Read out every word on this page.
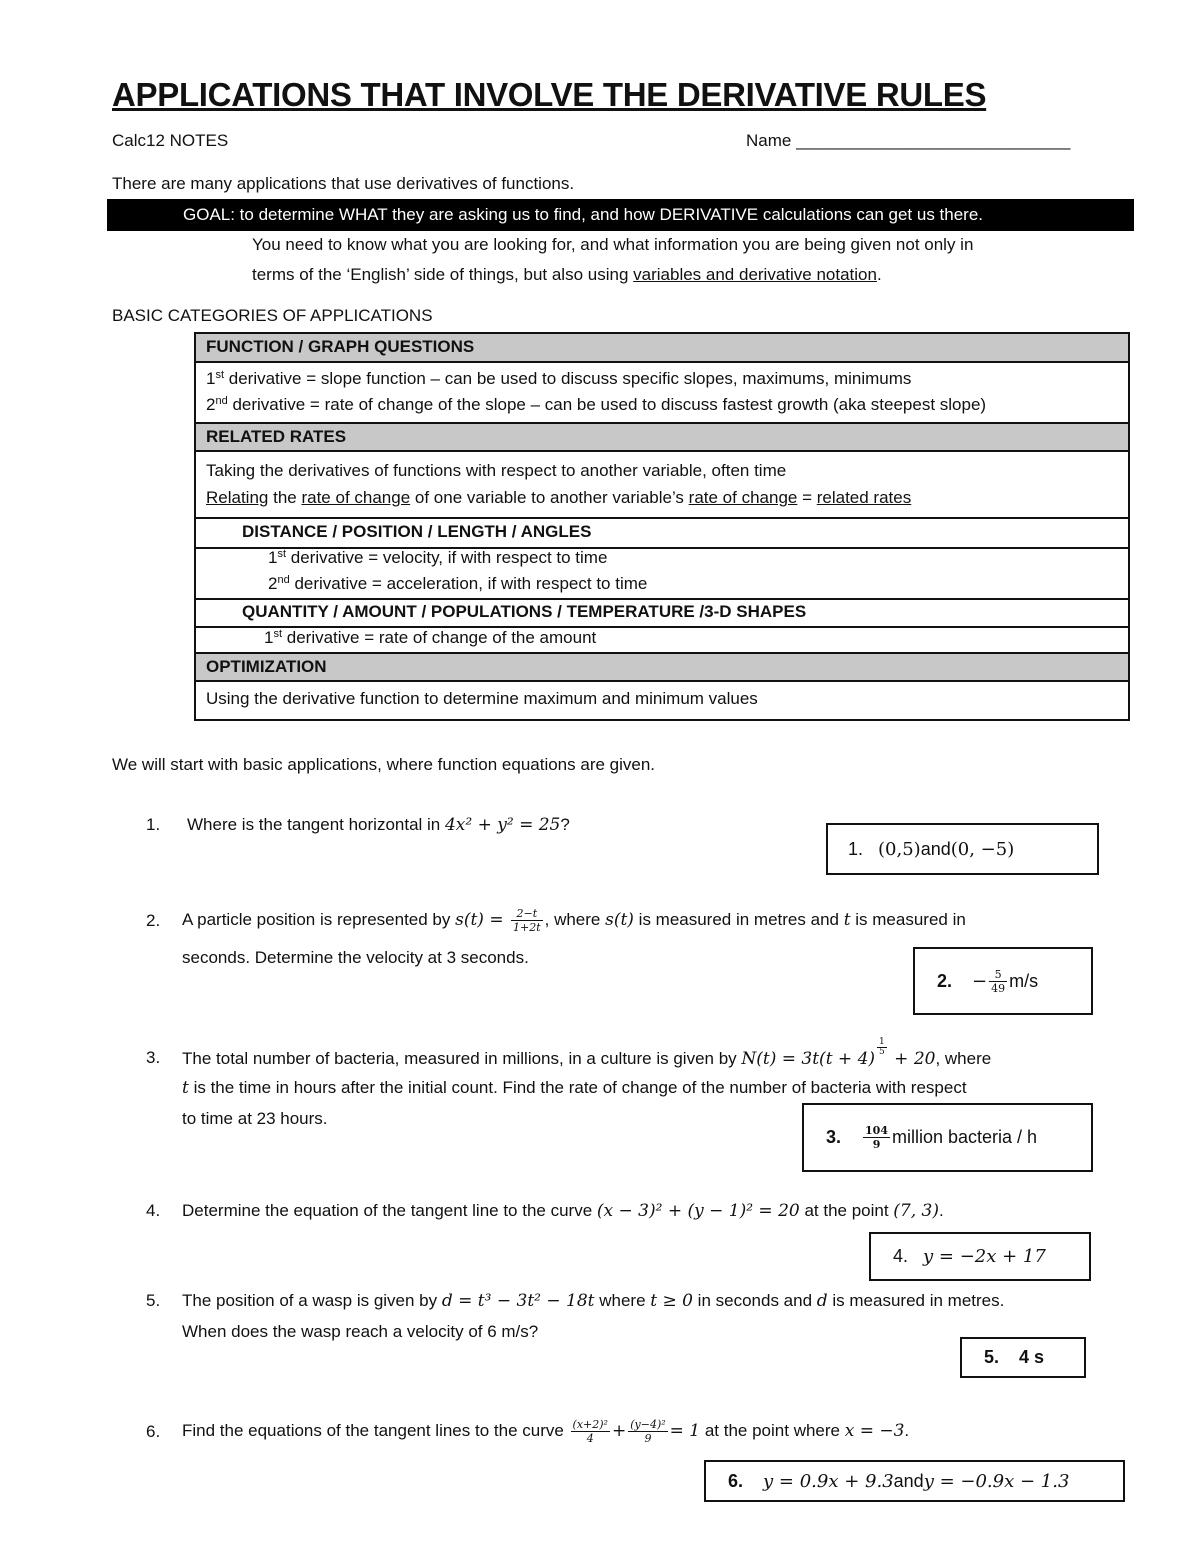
APPLICATIONS THAT INVOLVE THE DERIVATIVE RULES
Calc12 NOTES	Name _____________________________
There are many applications that use derivatives of functions.
GOAL: to determine WHAT they are asking us to find, and how DERIVATIVE calculations can get us there.
You need to know what you are looking for, and what information you are being given not only in
terms of the ‘English’ side of things, but also using variables and derivative notation.
BASIC CATEGORIES OF APPLICATIONS
FUNCTION / GRAPH QUESTIONS
1st derivative = slope function – can be used to discuss specific slopes, maximums, minimums
2nd derivative = rate of change of the slope – can be used to discuss fastest growth (aka steepest slope)
RELATED RATES
Taking the derivatives of functions with respect to another variable, often time
Relating the rate of change of one variable to another variable’s rate of change = related rates
DISTANCE / POSITION / LENGTH / ANGLES
1st derivative = velocity, if with respect to time
2nd derivative = acceleration, if with respect to time
QUANTITY / AMOUNT / POPULATIONS / TEMPERATURE /3-D SHAPES
1st derivative = rate of change of the amount
OPTIMIZATION
Using the derivative function to determine maximum and minimum values
We will start with basic applications, where function equations are given.
1. Where is the tangent horizontal in 4x² + y² = 25?
2. A particle position is represented by $s(t) = \frac{2-t}{1+2t}$ , where s(t) is measured in metres and t is measured in
seconds. Determine the velocity at 3 seconds.
3. The total number of bacteria, measured in millions, in a culture is given by N(t) = 3t(t + 4)
$\frac{1}{5}$
+ 20, where
t is the time in hours after the initial count. Find the rate of change of the number of bacteria with respect
to time at 23 hours.
4. Determine the equation of the tangent line to the curve (x − 3)² + (y − 1)² = 20 at the point (7, 3).
5. The position of a wasp is given by d = t³ − 3t² − 18t where t ≥ 0 in seconds and d is measured in metres.
When does the wasp reach a velocity of 6 m/s?
6. Find the equations of the tangent lines to the curve $\frac{\text{(x+2)²}}{4} + \frac{\text{(y−4)²}}{9} = 1$ at the point where x = −3.
1.
(0,5) and (0, −5)
2.
− $\frac{5}{49} m/s$
3.
$\frac{104}{9}$ million bacteria / h
4.
y = −2x + 17
5.
4 s
6.
y = 0.9x + 9.3 and y = −0.9x − 1.3
